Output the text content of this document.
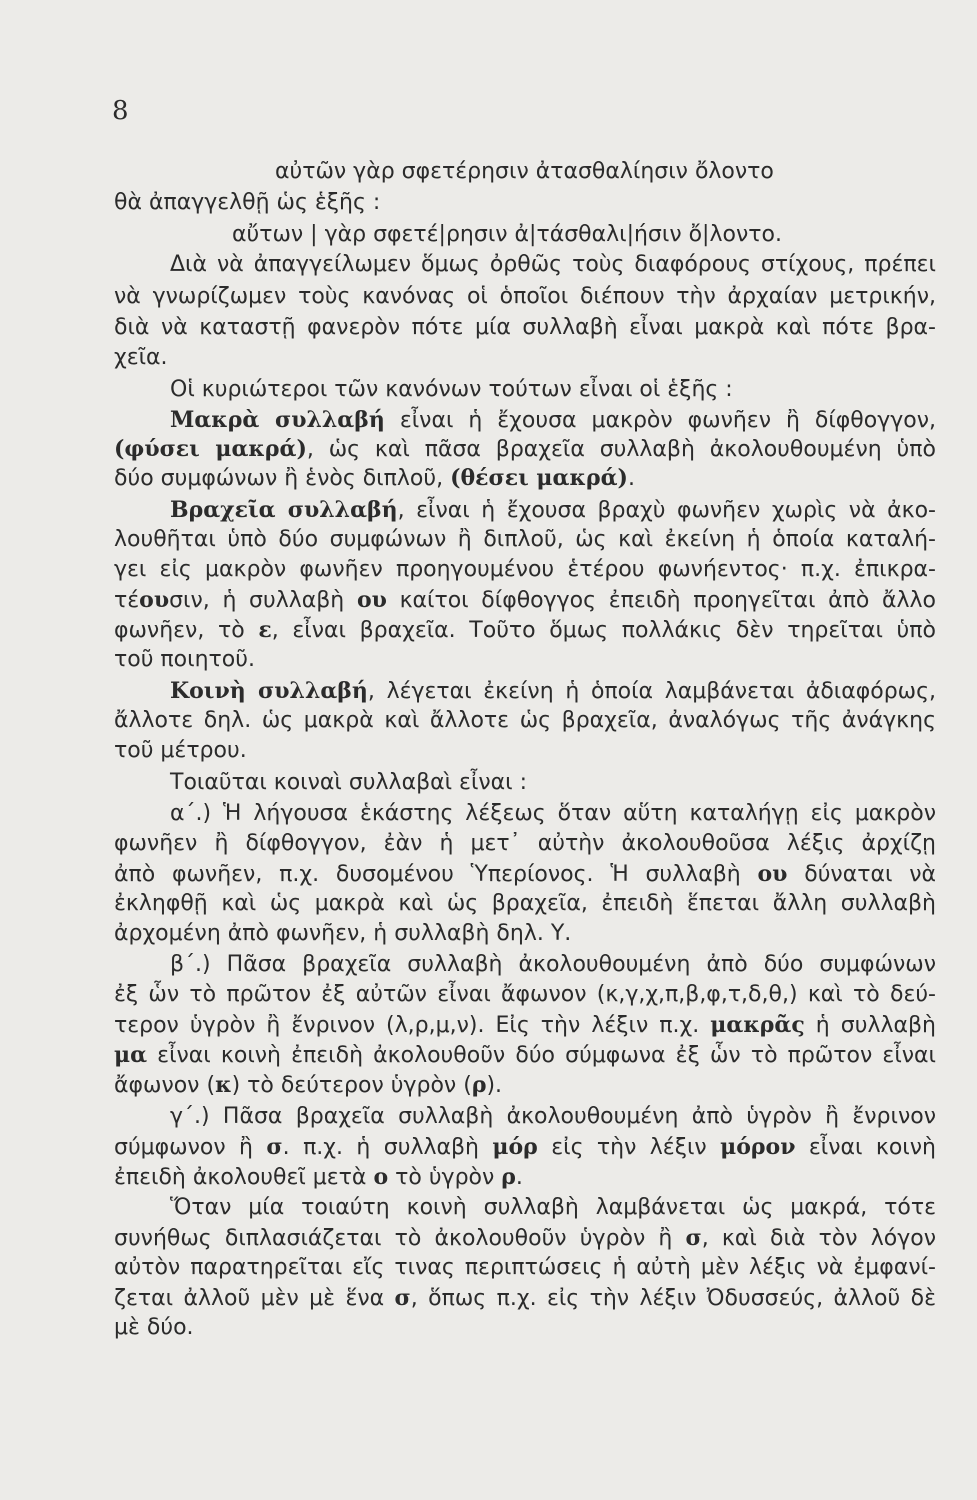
8
αὐτῶν γὰρ σφετέρησιν ἀτασθαλίησιν ὄλοντο
θὰ ἀπαγγελθῇ ὡς ἑξῆς :
αὔτων | γὰρ σφετέ|ρησιν ἀ|τάσθαλι|ήσιν ὄ|λοντο.
Διὰ νὰ ἀπαγγείλωμεν ὅμως ὀρθῶς τοὺς διαφόρους στίχους, πρέπει
νὰ γνωρίζωμεν τοὺς κανόνας οἱ ὁποῖοι διέπουν τὴν ἀρχαίαν μετρικήν,
διὰ νὰ καταστῇ φανερὸν πότε μία συλλαβὴ εἶναι μακρὰ καὶ πότε βρα-
χεῖα.
Οἱ κυριώτεροι τῶν κανόνων τούτων εἶναι οἱ ἑξῆς :
Μακρὰ συλλαβή εἶναι ἡ ἔχουσα μακρὸν φωνῆεν ἢ δίφθογγον,
(φύσει μακρά), ὡς καὶ πᾶσα βραχεῖα συλλαβὴ ἀκολουθουμένη ὑπὸ
δύο συμφώνων ἢ ἑνὸς διπλοῦ, (θέσει μακρά).
Βραχεῖα συλλαβή, εἶναι ἡ ἔχουσα βραχὺ φωνῆεν χωρὶς νὰ ἀκο-
λουθῆται ὑπὸ δύο συμφώνων ἢ διπλοῦ, ὡς καὶ ἐκείνη ἡ ὁποία καταλή-
γει εἰς μακρὸν φωνῆεν προηγουμένου ἑτέρου φωνήεντος· π.χ. ἐπικρα-
τέουσιν, ἡ συλλαβὴ ου καίτοι δίφθογγος ἐπειδὴ προηγεῖται ἀπὸ ἄλλο
φωνῆεν, τὸ ε, εἶναι βραχεῖα. Τοῦτο ὅμως πολλάκις δὲν τηρεῖται ὑπὸ
τοῦ ποιητοῦ.
Κοινὴ συλλαβή, λέγεται ἐκείνη ἡ ὁποία λαμβάνεται ἀδιαφόρως,
ἄλλοτε δηλ. ὡς μακρὰ καὶ ἄλλοτε ὡς βραχεῖα, ἀναλόγως τῆς ἀνάγκης
τοῦ μέτρου.
Τοιαῦται κοιναὶ συλλαβαὶ εἶναι :
α΄.) Ἡ λήγουσα ἑκάστης λέξεως ὅταν αὕτη καταλήγῃ εἰς μακρὸν
φωνῆεν ἢ δίφθογγον, ἐὰν ἡ μετ᾽ αὐτὴν ἀκολουθοῦσα λέξις ἀρχίζῃ
ἀπὸ φωνῆεν, π.χ. δυσομένου Ὑπερίονος. Ἡ συλλαβὴ ου δύναται νὰ
ἐκληφθῇ καὶ ὡς μακρὰ καὶ ὡς βραχεῖα, ἐπειδὴ ἕπεται ἄλλη συλλαβὴ
ἀρχομένη ἀπὸ φωνῆεν, ἡ συλλαβὴ δηλ. Υ.
β΄.) Πᾶσα βραχεῖα συλλαβὴ ἀκολουθουμένη ἀπὸ δύο συμφώνων
ἐξ ὧν τὸ πρῶτον ἐξ αὐτῶν εἶναι ἄφωνον (κ,γ,χ,π,β,φ,τ,δ,θ,) καὶ τὸ δεύ-
τερον ὑγρὸν ἢ ἔνρινον (λ,ρ,μ,ν). Εἰς τὴν λέξιν π.χ. μακρᾶς ἡ συλλαβὴ
μα εἶναι κοινὴ ἐπειδὴ ἀκολουθοῦν δύο σύμφωνα ἐξ ὧν τὸ πρῶτον εἶναι
ἄφωνον (κ) τὸ δεύτερον ὑγρὸν (ρ).
γ΄.) Πᾶσα βραχεῖα συλλαβὴ ἀκολουθουμένη ἀπὸ ὑγρὸν ἢ ἔνρινον
σύμφωνον ἢ σ. π.χ. ἡ συλλαβὴ μόρ εἰς τὴν λέξιν μόρον εἶναι κοινὴ
ἐπειδὴ ἀκολουθεῖ μετὰ ο τὸ ὑγρὸν ρ.
Ὅταν μία τοιαύτη κοινὴ συλλαβὴ λαμβάνεται ὡς μακρά, τότε
συνήθως διπλασιάζεται τὸ ἀκολουθοῦν ὑγρὸν ἢ σ, καὶ διὰ τὸν λόγον
αὐτὸν παρατηρεῖται εἴς τινας περιπτώσεις ἡ αὐτὴ μὲν λέξις νὰ ἐμφανί-
ζεται ἀλλοῦ μὲν μὲ ἕνα σ, ὅπως π.χ. εἰς τὴν λέξιν Ὀδυσσεύς, ἀλλοῦ δὲ
μὲ δύο.
